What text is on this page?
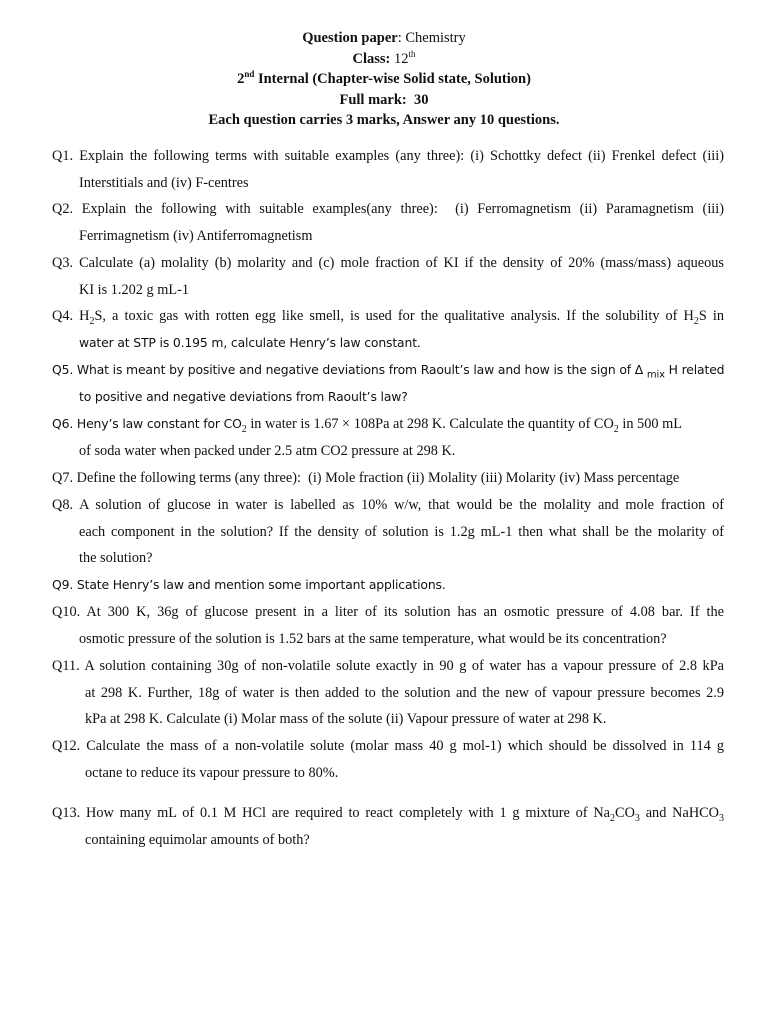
Question paper: Chemistry
Class: 12th
2nd Internal (Chapter-wise Solid state, Solution)
Full mark:  30
Each question carries 3 marks, Answer any 10 questions.
Q1. Explain the following terms with suitable examples (any three): (i) Schottky defect (ii) Frenkel defect (iii)
Interstitials and (iv) F-centres
Q2. Explain the following with suitable examples(any three):  (i) Ferromagnetism (ii) Paramagnetism (iii)
Ferrimagnetism (iv) Antiferromagnetism
Q3. Calculate (a) molality (b) molarity and (c) mole fraction of KI if the density of 20% (mass/mass) aqueous
KI is 1.202 g mL-1
Q4. $H_2S$, a toxic gas with rotten egg like smell, is used for the qualitative analysis. If the solubility of $H_2S$ in
water at STP is 0.195 m, calculate Henry’s law constant.
Q5. What is meant by positive and negative deviations from Raoult’s law and how is the sign of Δ $_{mix}$ H related
to positive and negative deviations from Raoult’s law?
Q6. Heny’s law constant for $CO_2$ in water is 1.67 × 108Pa at 298 K. Calculate the quantity of $CO_2$ in 500 mL
of soda water when packed under 2.5 atm CO2 pressure at 298 K.
Q7. Define the following terms (any three):  (i) Mole fraction (ii) Molality (iii) Molarity (iv) Mass percentage
Q8. A solution of glucose in water is labelled as 10% w/w, that would be the molality and mole fraction of
each component in the solution? If the density of solution is 1.2g mL-1 then what shall be the molarity of
the solution?
Q9. State Henry’s law and mention some important applications.
Q10. At 300 K, 36g of glucose present in a liter of its solution has an osmotic pressure of 4.08 bar. If the
osmotic pressure of the solution is 1.52 bars at the same temperature, what would be its concentration?
Q11. A solution containing 30g of non-volatile solute exactly in 90 g of water has a vapour pressure of 2.8 kPa
at 298 K. Further, 18g of water is then added to the solution and the new of vapour pressure becomes 2.9
kPa at 298 K. Calculate (i) Molar mass of the solute (ii) Vapour pressure of water at 298 K.
Q12. Calculate the mass of a non-volatile solute (molar mass 40 g mol-1) which should be dissolved in 114 g
octane to reduce its vapour pressure to 80%.
Q13. How many mL of 0.1 M HCl are required to react completely with 1 g mixture of $Na_2CO_3$ and NaHCO$_3$
containing equimolar amounts of both?
